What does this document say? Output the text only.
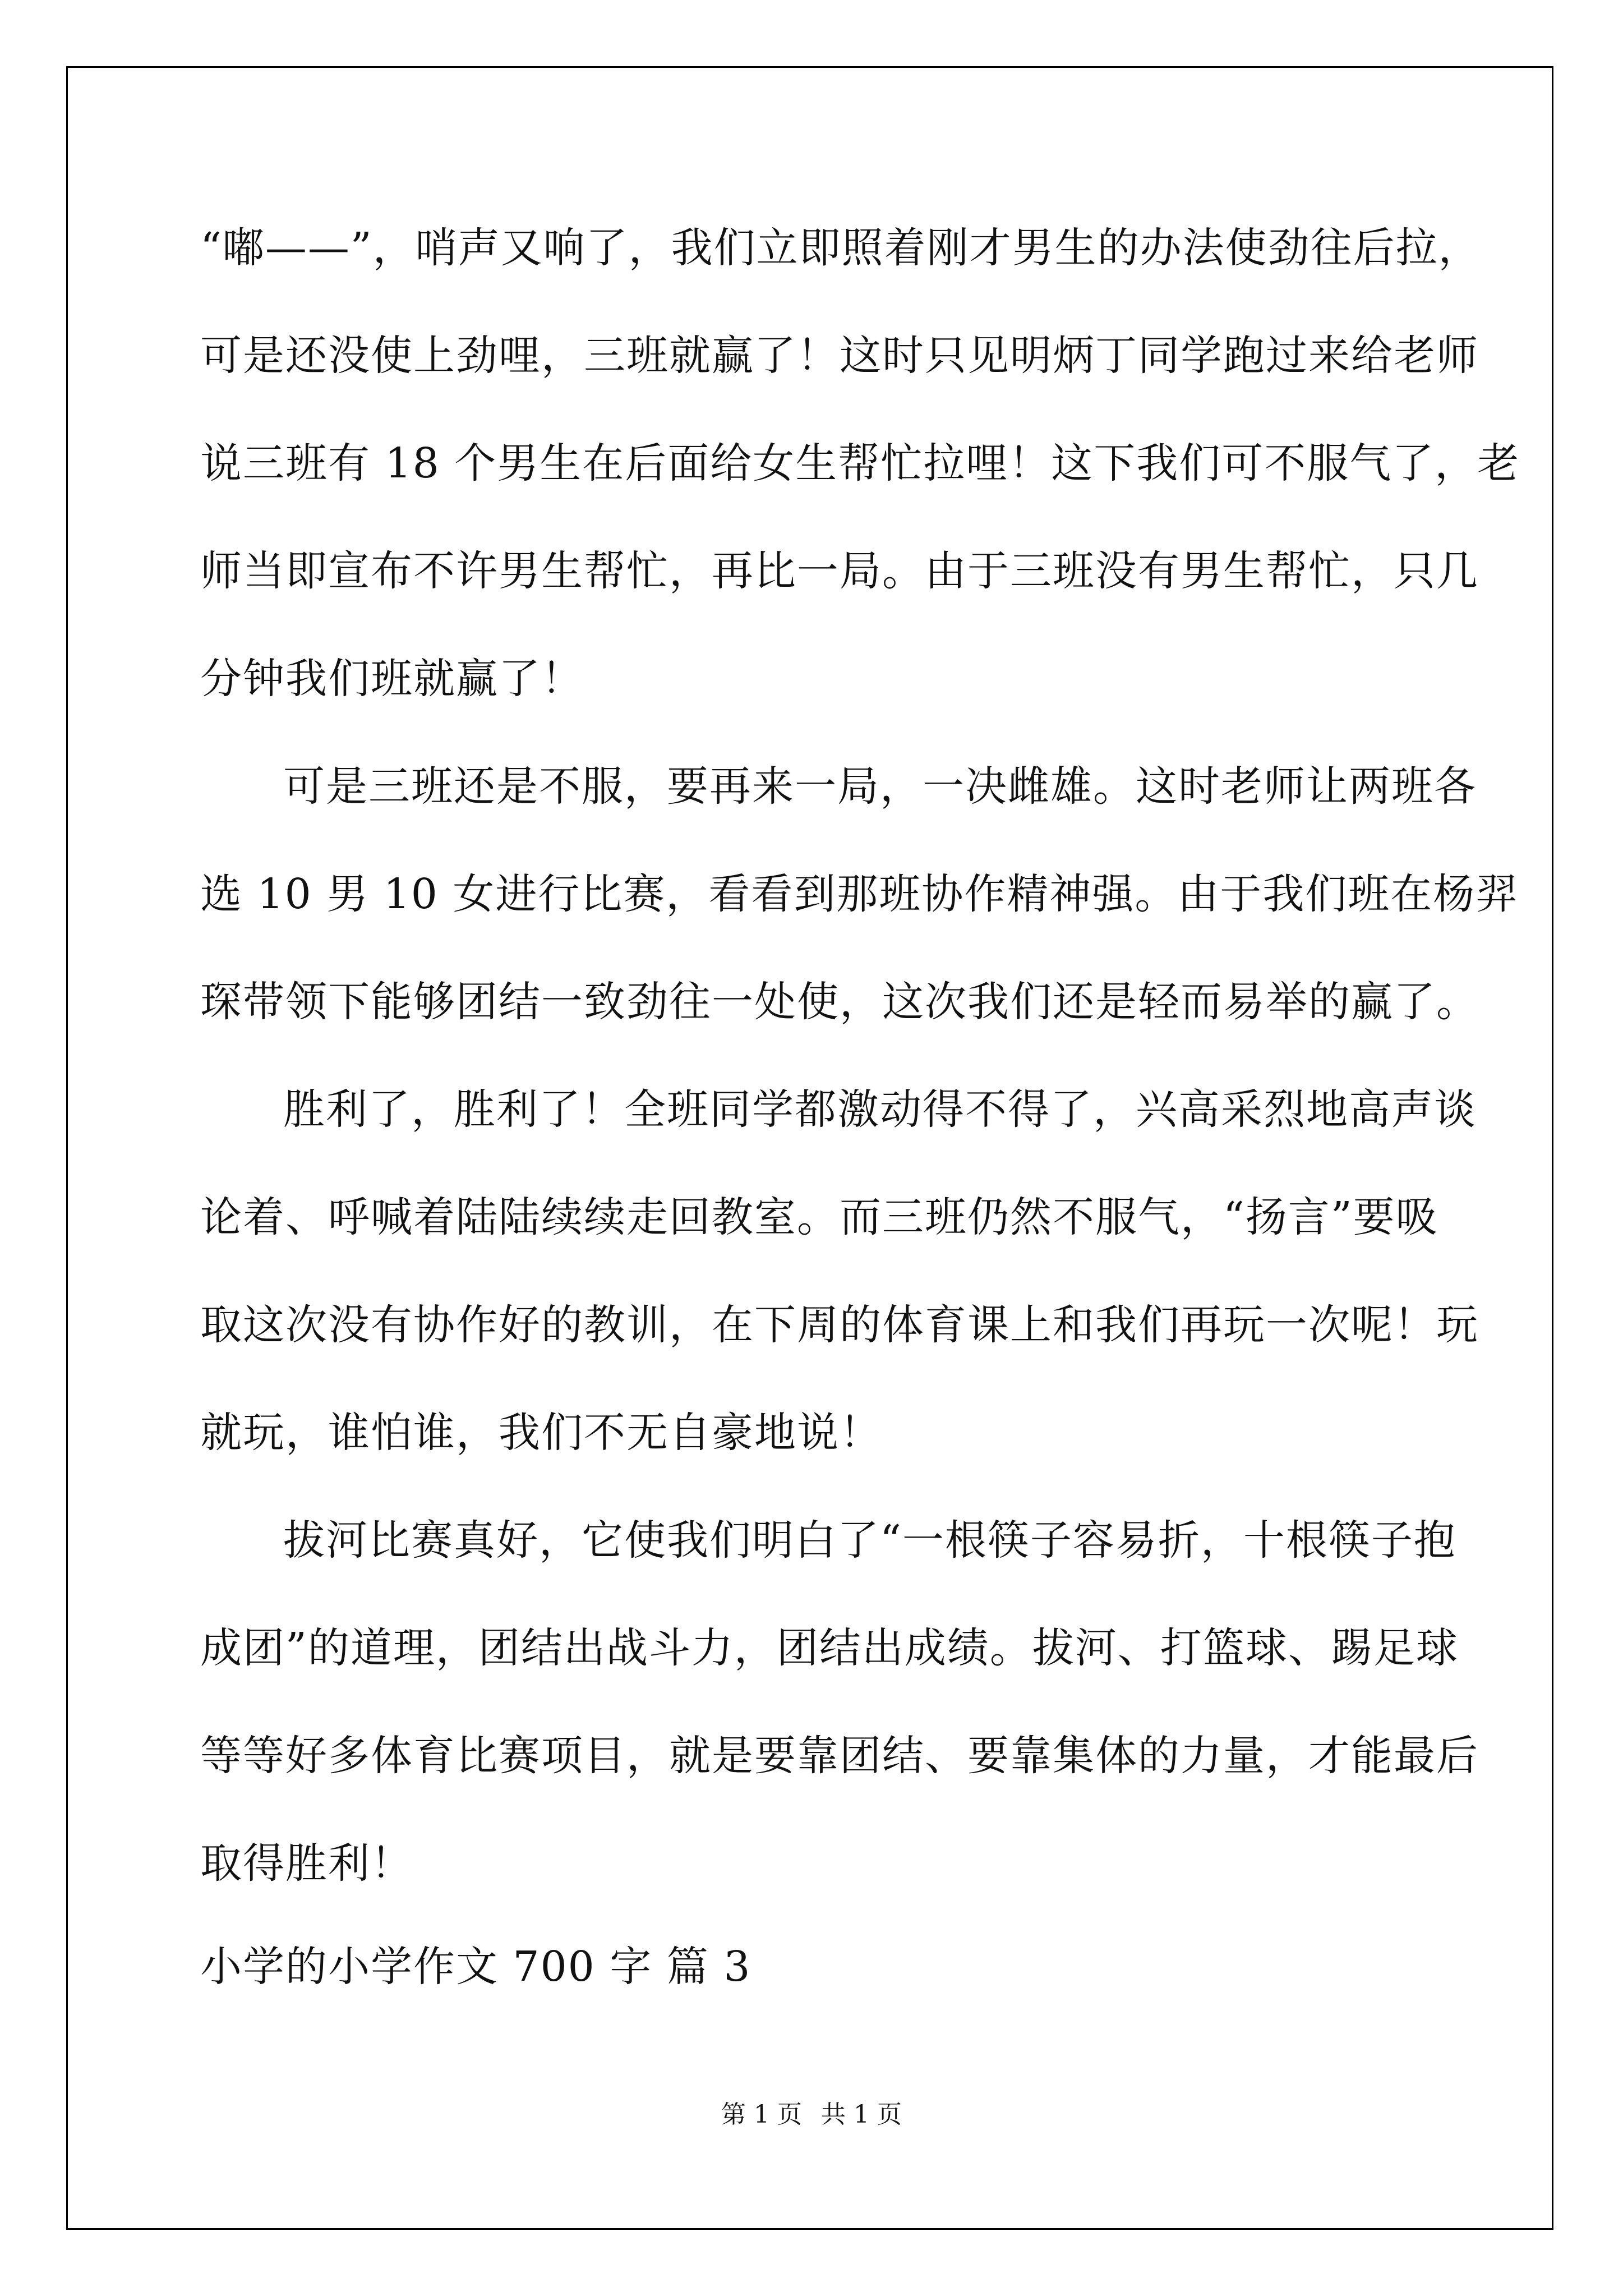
“嘟——”，哨声又响了，我们立即照着刚才男生的办法使劲往后拉，
可是还没使上劲哩，三班就赢了！这时只见明炳丁同学跑过来给老师
说三班有 18 个男生在后面给女生帮忙拉哩！这下我们可不服气了，老
师当即宣布不许男生帮忙，再比一局。由于三班没有男生帮忙，只几
分钟我们班就赢了！
可是三班还是不服，要再来一局，一决雌雄。这时老师让两班各
选 10 男 10 女进行比赛，看看到那班协作精神强。由于我们班在杨羿
琛带领下能够团结一致劲往一处使，这次我们还是轻而易举的赢了。
胜利了，胜利了！全班同学都激动得不得了，兴高采烈地高声谈
论着、呼喊着陆陆续续走回教室。而三班仍然不服气，“扬言”要吸
取这次没有协作好的教训，在下周的体育课上和我们再玩一次呢！玩
就玩，谁怕谁，我们不无自豪地说！
拔河比赛真好，它使我们明白了“一根筷子容易折，十根筷子抱
成团”的道理，团结出战斗力，团结出成绩。拔河、打篮球、踢足球
等等好多体育比赛项目，就是要靠团结、要靠集体的力量，才能最后
取得胜利！
小学的小学作文 700 字 篇 3
第 1 页 共 1 页
